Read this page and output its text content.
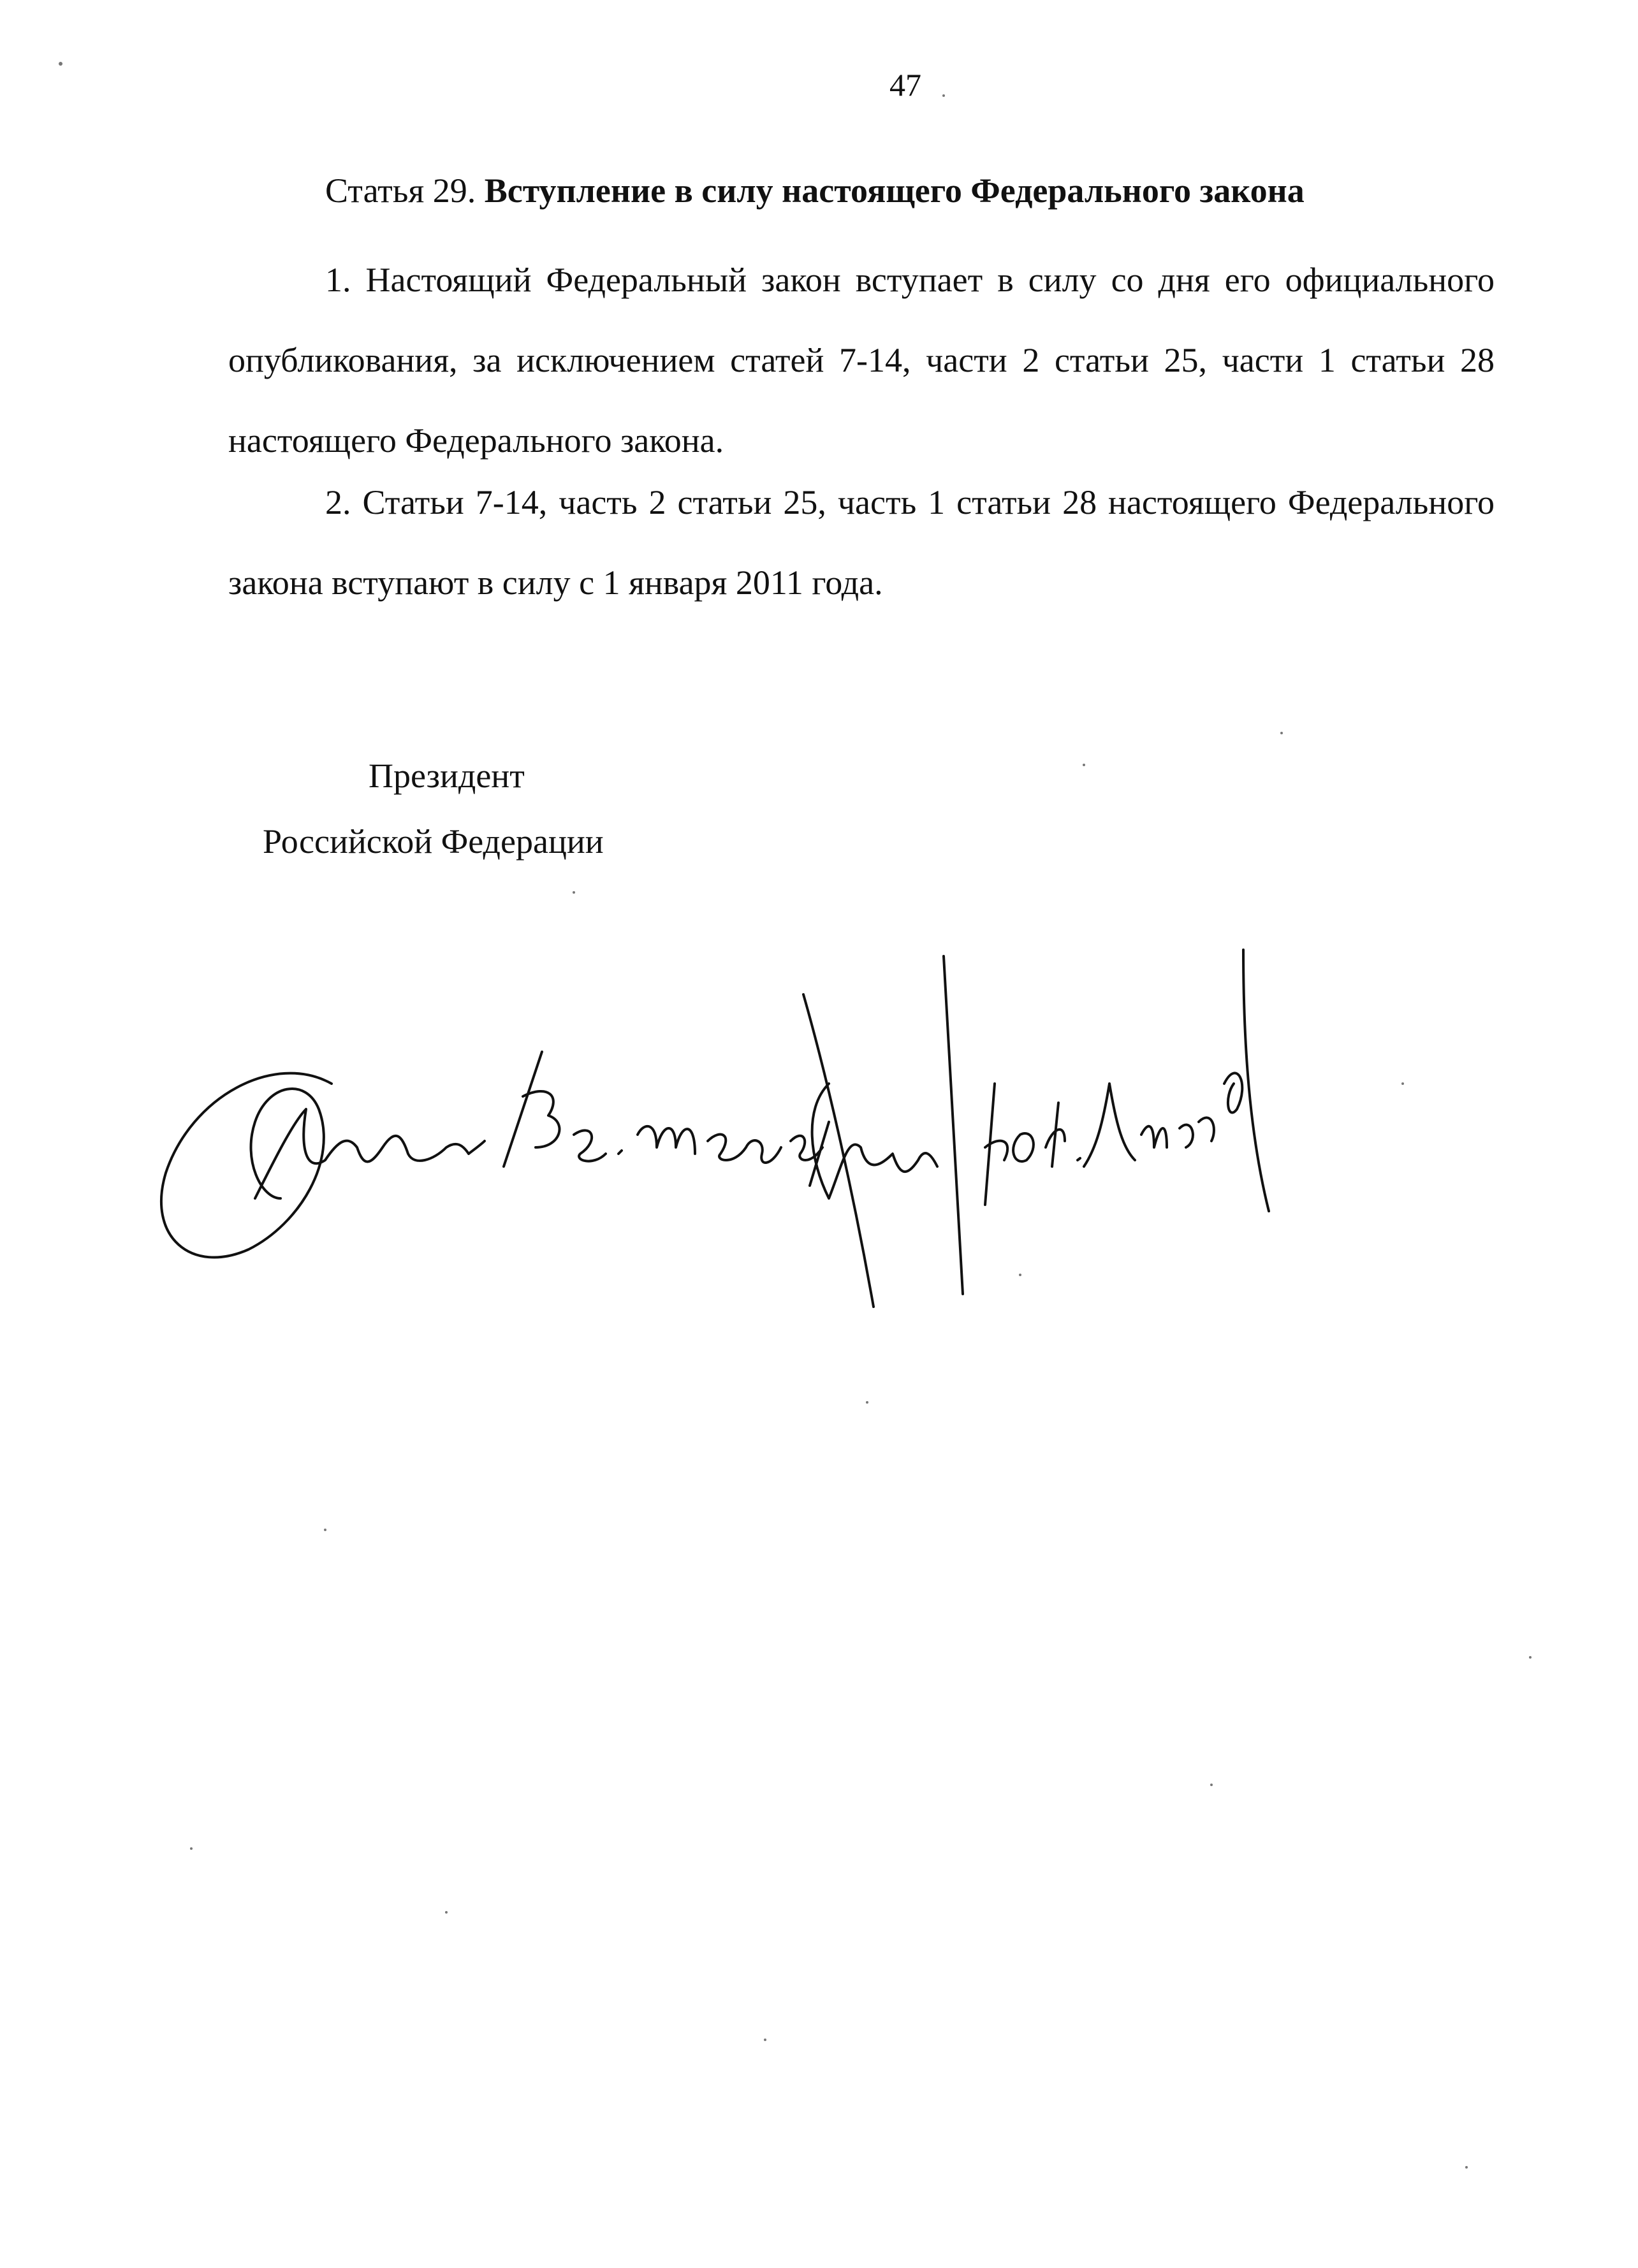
47
Статья 29. Вступление в силу настоящего Федерального закона
1. Настоящий Федеральный закон вступает в силу со дня его официального опубликования, за исключением статей 7-14, части 2 статьи 25, части 1 статьи 28 настоящего Федерального закона.
2. Статьи 7-14, часть 2 статьи 25, часть 1 статьи 28 настоящего Федерального закона вступают в силу с 1 января 2011 года.
Президент
Российской Федерации
